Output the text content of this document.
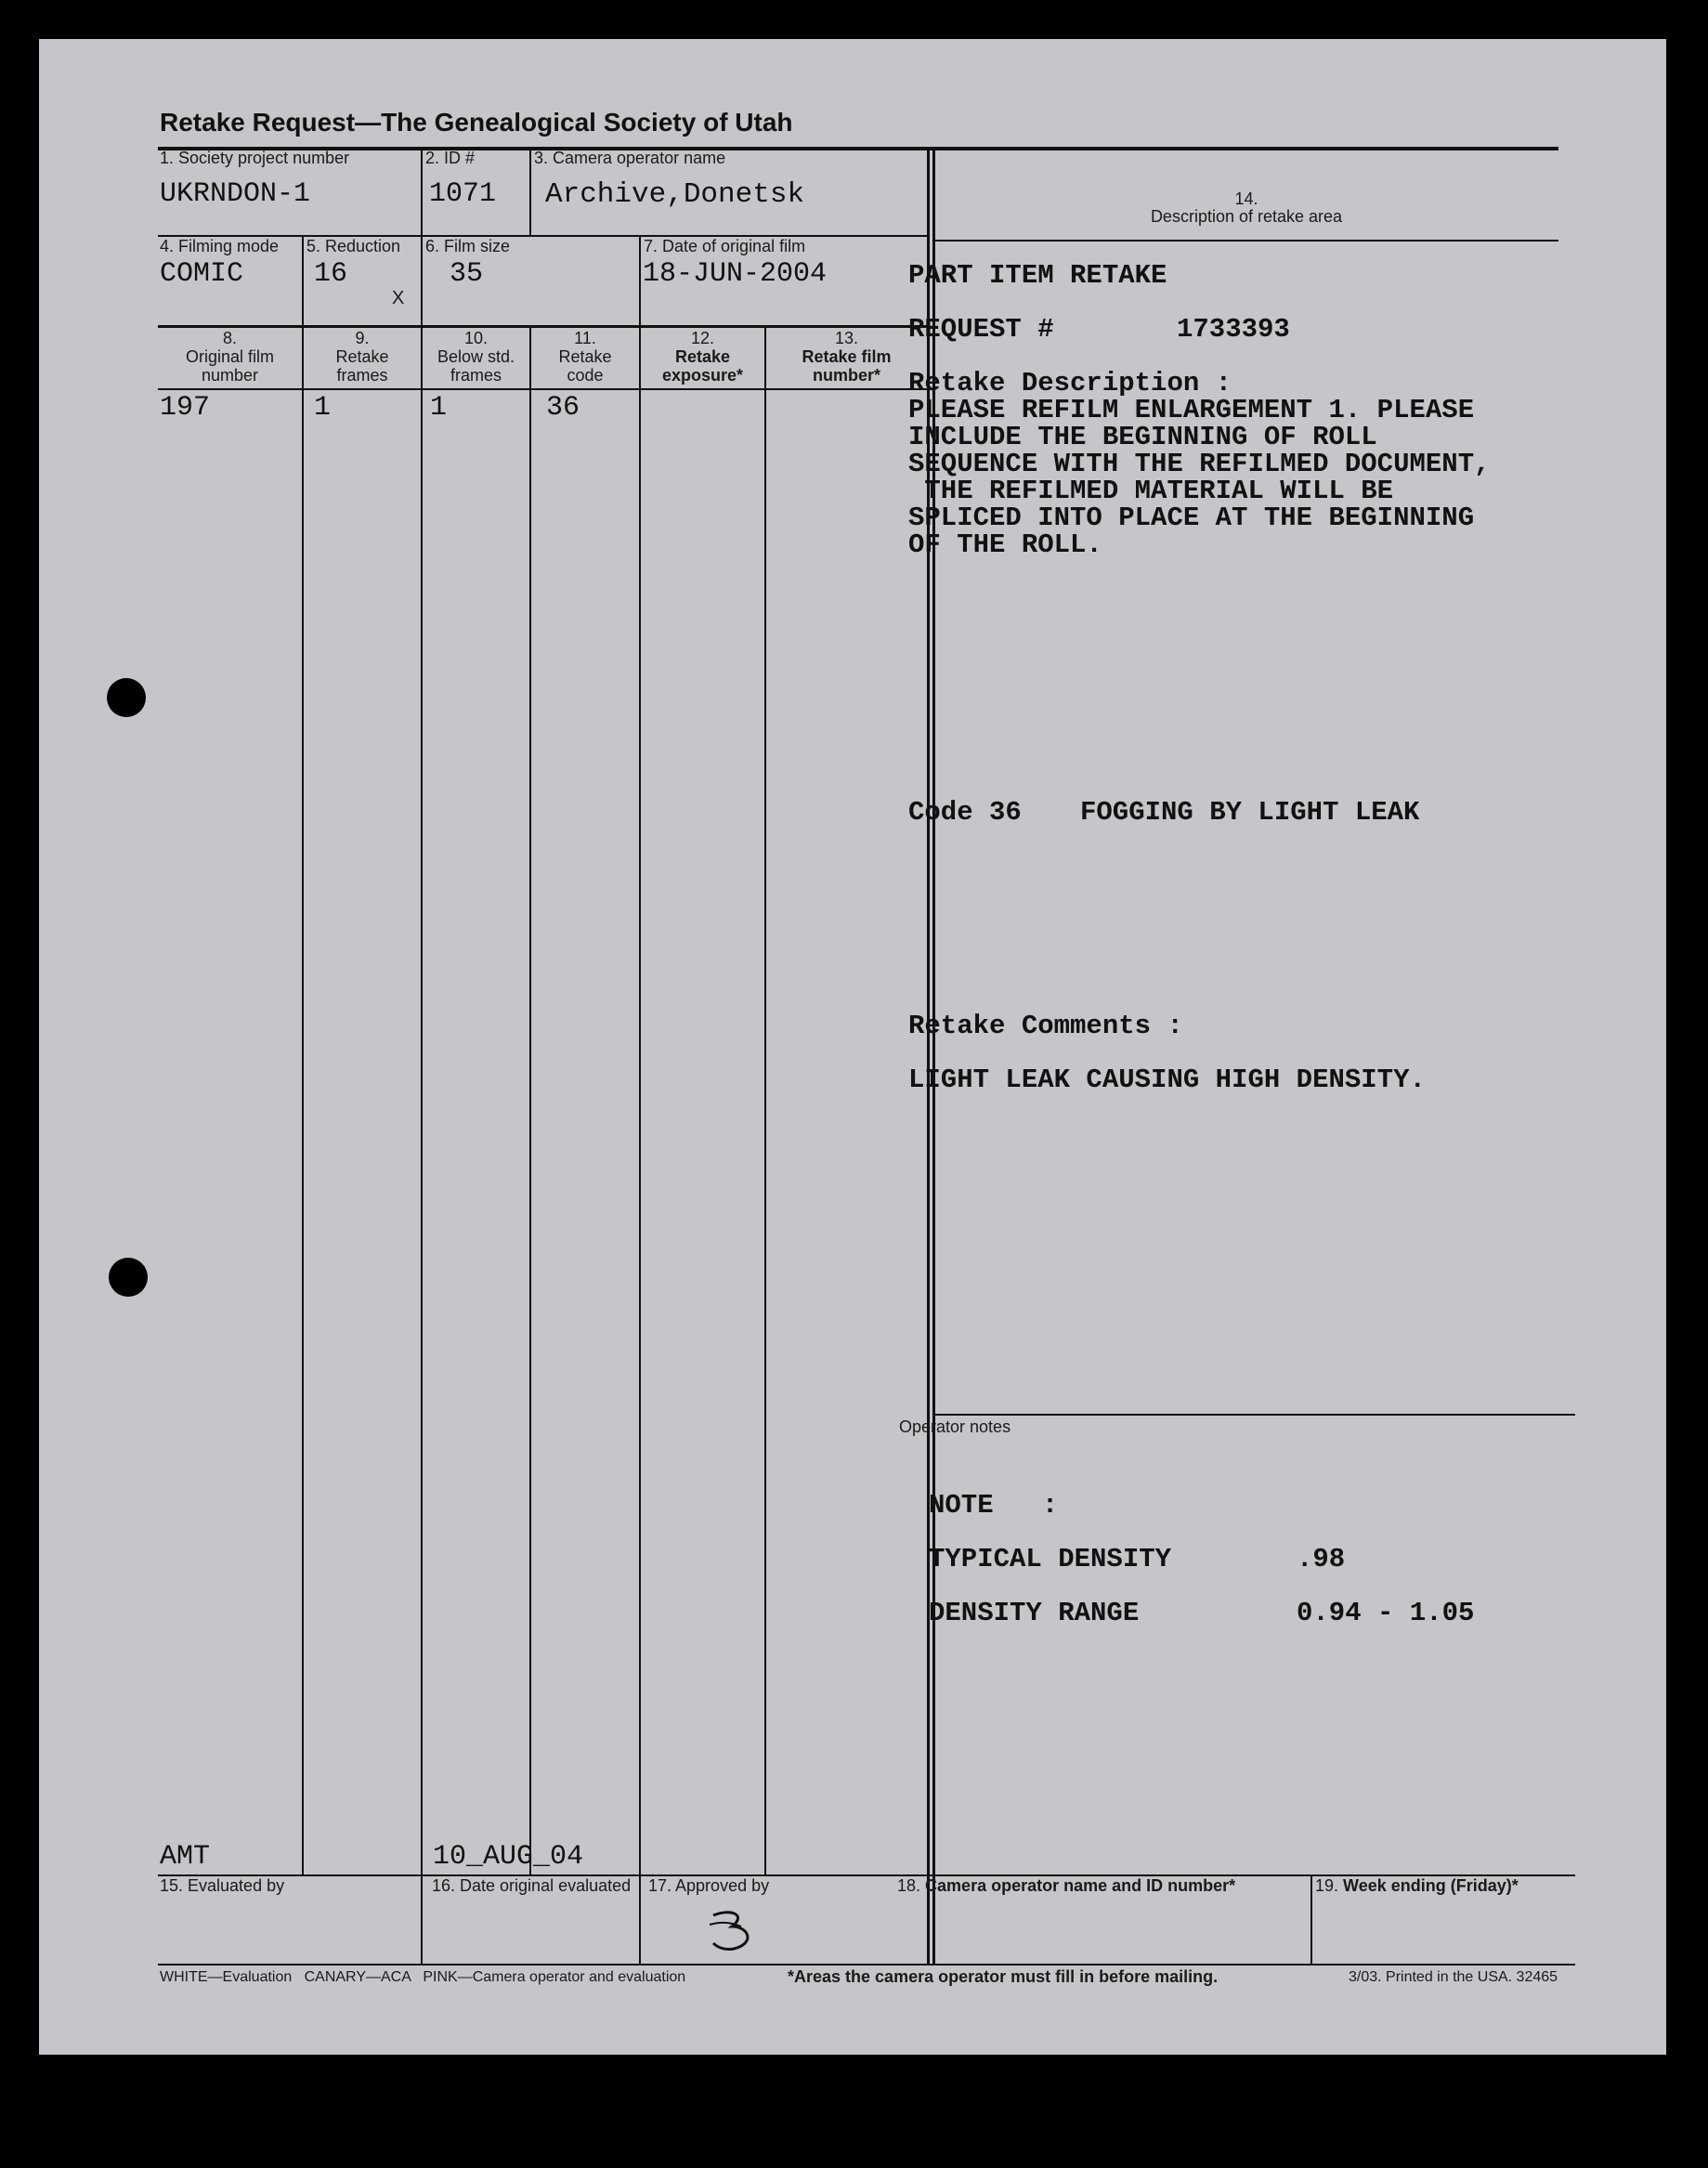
Retake Request—The Genealogical Society of Utah
1. Society project number
UKRNDON-1
2. ID #
1071
3. Camera operator name
Archive,Donetsk	14.
Description of retake area
4. Filming mode
COMIC
5. Reduction
16
X
6. Film size
35
7. Date of original film
18-JUN-2004
8.
Original film
number
9.
Retake
frames
10.
Below std.
frames
11.
Retake
code
12.
Retake
exposure*
13.
Retake film
number*
197	1	1	36
PART ITEM RETAKE
REQUEST #	1733393
Retake Description :
PLEASE REFILM ENLARGEMENT 1. PLEASE
INCLUDE THE BEGINNING OF ROLL
SEQUENCE WITH THE REFILMED DOCUMENT,
THE REFILMED MATERIAL WILL BE
SPLICED INTO PLACE AT THE BEGINNING
OF THE ROLL.
Code 36 FOGGING BY LIGHT LEAK
Retake Comments :
LIGHT LEAK CAUSING HIGH DENSITY.
Operator notes
NOTE   :
TYPICAL DENSITY	.98
DENSITY RANGE	0.94 - 1.05
AMT	10_AUG_04
15. Evaluated by	16. Date original evaluated 17. Approved by	18. Camera operator name and ID number*	19. Week ending (Friday)*
WHITE—Evaluation   CANARY—ACA   PINK—Camera operator and evaluation	*Areas the camera operator must fill in before mailing.	3/03. Printed in the USA. 32465
